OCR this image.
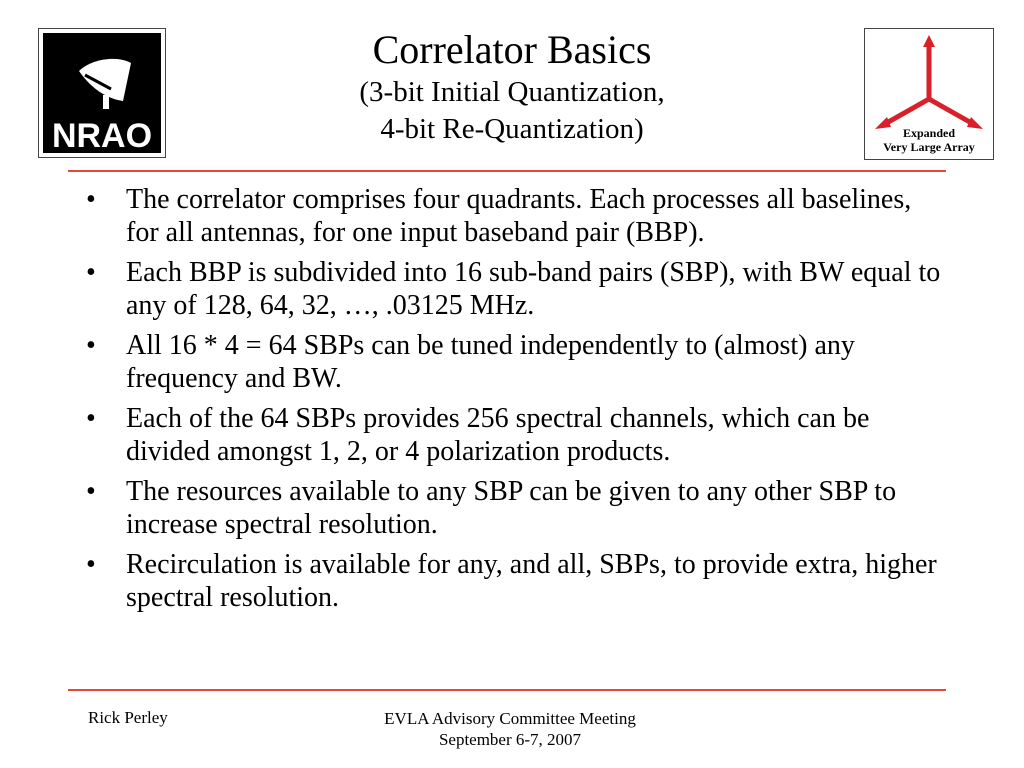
NRAO
Correlator Basics
(3-bit Initial Quantization,
4-bit Re-Quantization)	Expanded
Very Large Array
• The correlator comprises four quadrants. Each processes all baselines, for all antennas, for one input baseband pair (BBP).
• Each BBP is subdivided into 16 sub-band pairs (SBP), with BW equal to any of 128, 64, 32, …, .03125 MHz.
• All 16 * 4 = 64 SBPs can be tuned independently to (almost) any frequency and BW.
• Each of the 64 SBPs provides 256 spectral channels, which can be divided amongst 1, 2, or 4 polarization products.
• The resources available to any SBP can be given to any other SBP to increase spectral resolution.
• Recirculation is available for any, and all, SBPs, to provide extra, higher spectral resolution.
Rick Perley	EVLA Advisory Committee Meeting
September 6-7, 2007
